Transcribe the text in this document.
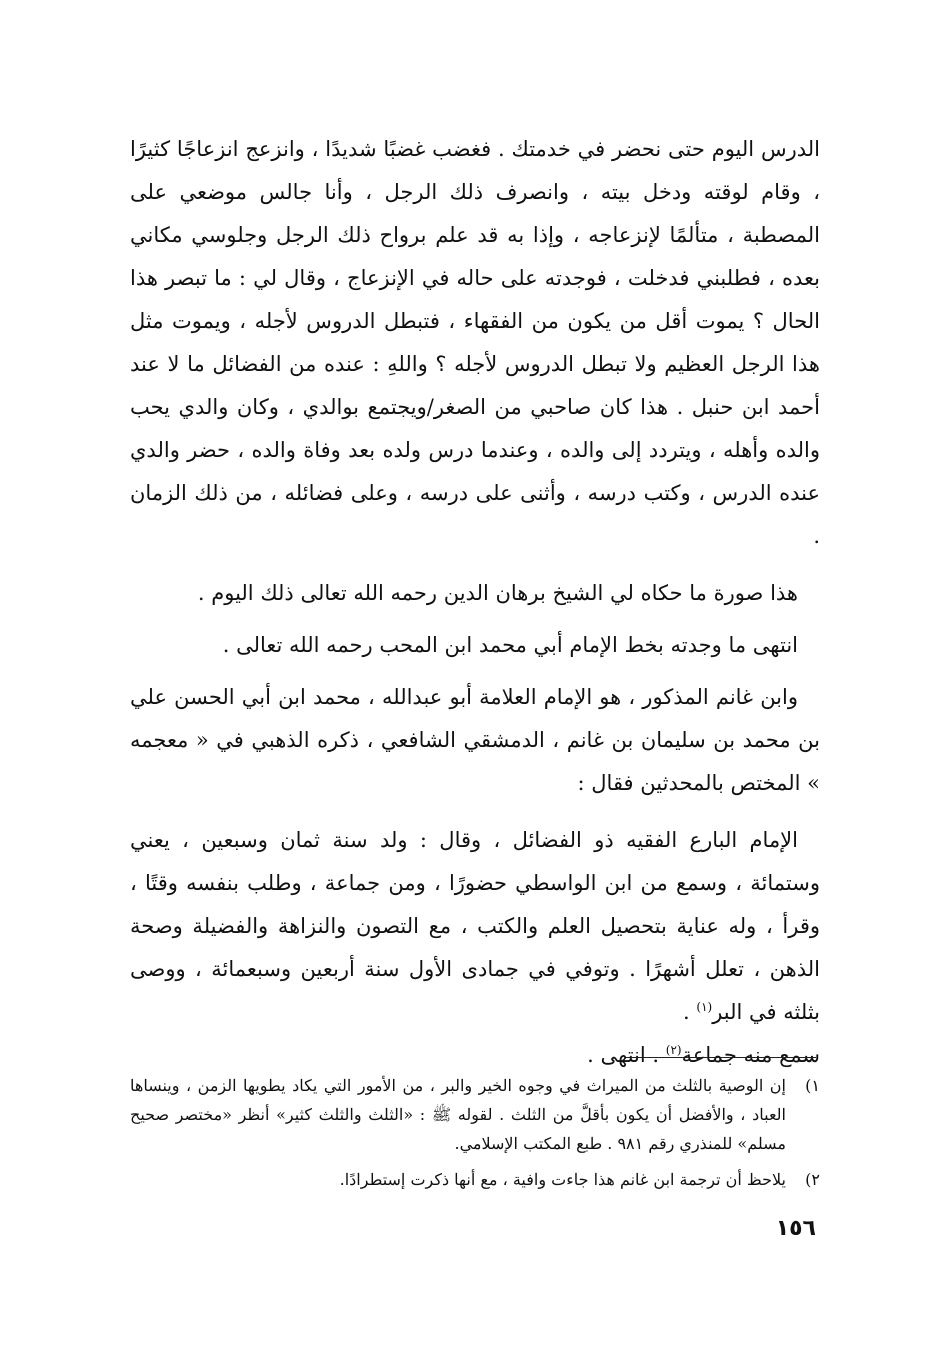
الدرس اليوم حتى نحضر في خدمتك . فغضب غضبًا شديدًا ، وانزعج انزعاجًا كثيرًا ، وقام لوقته ودخل بيته ، وانصرف ذلك الرجل ، وأنا جالس موضعي على المصطبة ، متألمًا لإنزعاجه ، وإذا به قد علم برواح ذلك الرجل وجلوسي مكاني بعده ، فطلبني فدخلت ، فوجدته على حاله في الإنزعاج ، وقال لي : ما تبصر هذا الحال ؟ يموت أقل من يكون من الفقهاء ، فتبطل الدروس لأجله ، ويموت مثل هذا الرجل العظيم ولا تبطل الدروس لأجله ؟ واللهِ : عنده من الفضائل ما لا عند أحمد ابن حنبل . هذا كان صاحبي من الصغر/ويجتمع بوالدي ، وكان والدي يحب والده وأهله ، ويتردد إلى والده ، وعندما درس ولده بعد وفاة والده ، حضر والدي عنده الدرس ، وكتب درسه ، وأثنى على درسه ، وعلى فضائله ، من ذلك الزمان .

هذا صورة ما حكاه لي الشيخ برهان الدين رحمه الله تعالى ذلك اليوم .

انتهى ما وجدته بخط الإمام أبي محمد ابن المحب رحمه الله تعالى .

وابن غانم المذكور ، هو الإمام العلامة أبو عبدالله ، محمد ابن أبي الحسن علي بن محمد بن سليمان بن غانم ، الدمشقي الشافعي ، ذكره الذهبي في « معجمه » المختص بالمحدثين فقال :

الإمام البارع الفقيه ذو الفضائل ، وقال : ولد سنة ثمان وسبعين ، يعني وستمائة ، وسمع من ابن الواسطي حضورًا ، ومن جماعة ، وطلب بنفسه وقتًا ، وقرأ ، وله عناية بتحصيل العلم والكتب ، مع التصون والنزاهة والفضيلة وصحة الذهن ، تعلل أشهرًا . وتوفي في جمادى الأول سنة أربعين وسبعمائة ، ووصى بثلثه في البر$^{(١)}$ .
سمع منه جماعة$^{(٢)}$ . انتهى .

١)
إن الوصية بالثلث من الميراث في وجوه الخير والبر ، من الأمور التي يكاد يطويها الزمن ، وينساها العباد ، والأفضل أن يكون بأقلَّ من الثلث . لقوله ﷺ : «الثلث والثلث كثير» أنظر «مختصر صحيح مسلم» للمنذري رقم ٩٨١ . طبع المكتب الإسلامي.
٢)
يلاحظ أن ترجمة ابن غانم هذا جاءت وافية ، مع أنها ذكرت إستطرادًا.
١٥٦
